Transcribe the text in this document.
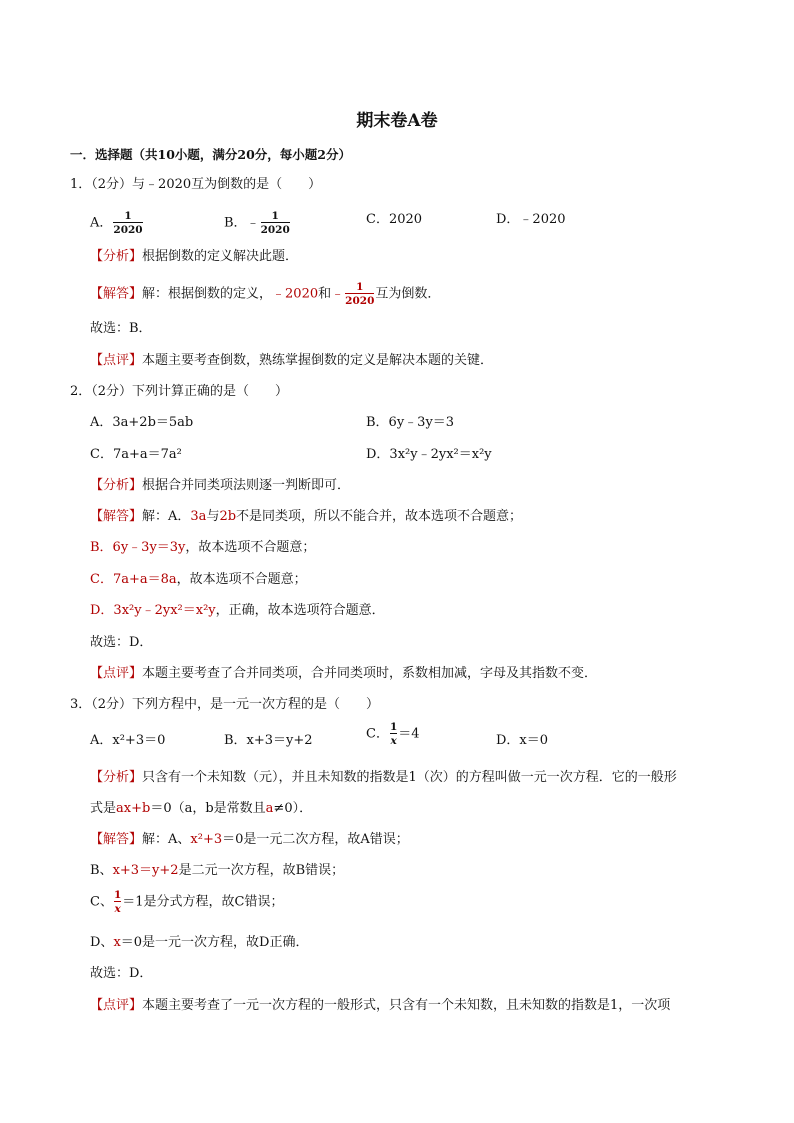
期末卷A卷
一．选择题（共10小题，满分20分，每小题2分）
1．（2分）与﹣2020互为倒数的是（　　）
A． $\frac{1}{2020}$	B．﹣ $\frac{1}{2020}$	C．2020	D．﹣2020
【分析】根据倒数的定义解决此题．
【解答】解：根据倒数的定义，﹣2020和﹣ $\frac{1}{2020}$ 互为倒数．
故选：B．
【点评】本题主要考查倒数，熟练掌握倒数的定义是解决本题的关键．
2．（2分）下列计算正确的是（　　）
A．3a+2b＝5ab	B．6y﹣3y＝3
C．7a+a＝7a²	D．3x²y﹣2yx²＝x²y
【分析】根据合并同类项法则逐一判断即可．
【解答】解：A．3a与2b不是同类项，所以不能合并，故本选项不合题意；
B．6y﹣3y＝3y，故本选项不合题意；
C．7a+a＝8a，故本选项不合题意；
D．3x²y﹣2yx²＝x²y，正确，故本选项符合题意．
故选：D．
【点评】本题主要考查了合并同类项，合并同类项时，系数相加减，字母及其指数不变．
3．（2分）下列方程中，是一元一次方程的是（　　）
A．x²+3＝0	B．x+3＝y+2	C． $\frac{1}{x} =4$	D．x＝0
【分析】只含有一个未知数（元），并且未知数的指数是1（次）的方程叫做一元一次方程．它的一般形
式是ax+b＝0（a，b是常数且a≠0）．
【解答】解：A、x²+3＝0是一元二次方程，故A错误；
B、x+3＝y+2是二元一次方程，故B错误；
C、 $\frac{1}{x} =1$是分式方程，故C错误；
D、x＝0是一元一次方程，故D正确．
故选：D．
【点评】本题主要考查了一元一次方程的一般形式，只含有一个未知数，且未知数的指数是1，一次项
